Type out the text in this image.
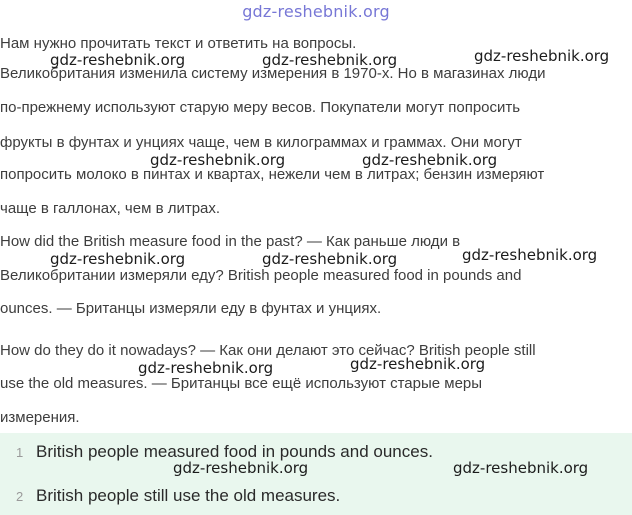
gdz-reshebnik.org
Нам нужно прочитать текст и ответить на вопросы.
Великобритания изменила систему измерения в 1970-х. Но в магазинах люди
по-прежнему используют старую меру весов. Покупатели могут попросить
фрукты в фунтах и унциях чаще, чем в килограммах и граммах. Они могут
попросить молоко в пинтах и квартах, нежели чем в литрах; бензин измеряют
чаще в галлонах, чем в литрах.
How did the British measure food in the past? — Как раньше люди в
Великобритании измеряли еду? British people measured food in pounds and
ounces. — Британцы измеряли еду в фунтах и унциях.
How do they do it nowadays? — Как они делают это сейчас? British people still
use the old measures. — Британцы все ещё используют старые меры
измерения.
1 British people measured food in pounds and ounces.
2 British people still use the old measures.
gdz-reshebnik.org	gdz-reshebnik.org	gdz-reshebnik.org
gdz-reshebnik.org	gdz-reshebnik.org
gdz-reshebnik.org
gdz-reshebnik.org	gdz-reshebnik.org
gdz-reshebnik.org	gdz-reshebnik.org
gdz-reshebnik.org	gdz-reshebnik.org
